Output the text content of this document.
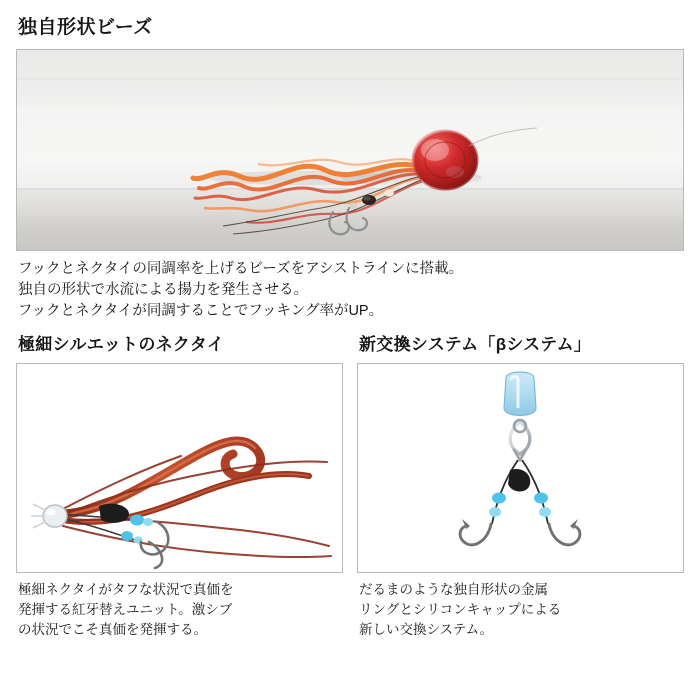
独自形状ビーズ
フックとネクタイの同調率を上げるビーズをアシストラインに搭載。
独自の形状で水流による揚力を発生させる。
フックとネクタイが同調することでフッキング率がUP。
極細シルエットのネクタイ
極細ネクタイがタフな状況で真価を
発揮する紅牙替えユニット。激シブ
の状況でこそ真価を発揮する。
新交換システム「βシステム」
だるまのような独自形状の金属
リングとシリコンキャップによる
新しい交換システム。
